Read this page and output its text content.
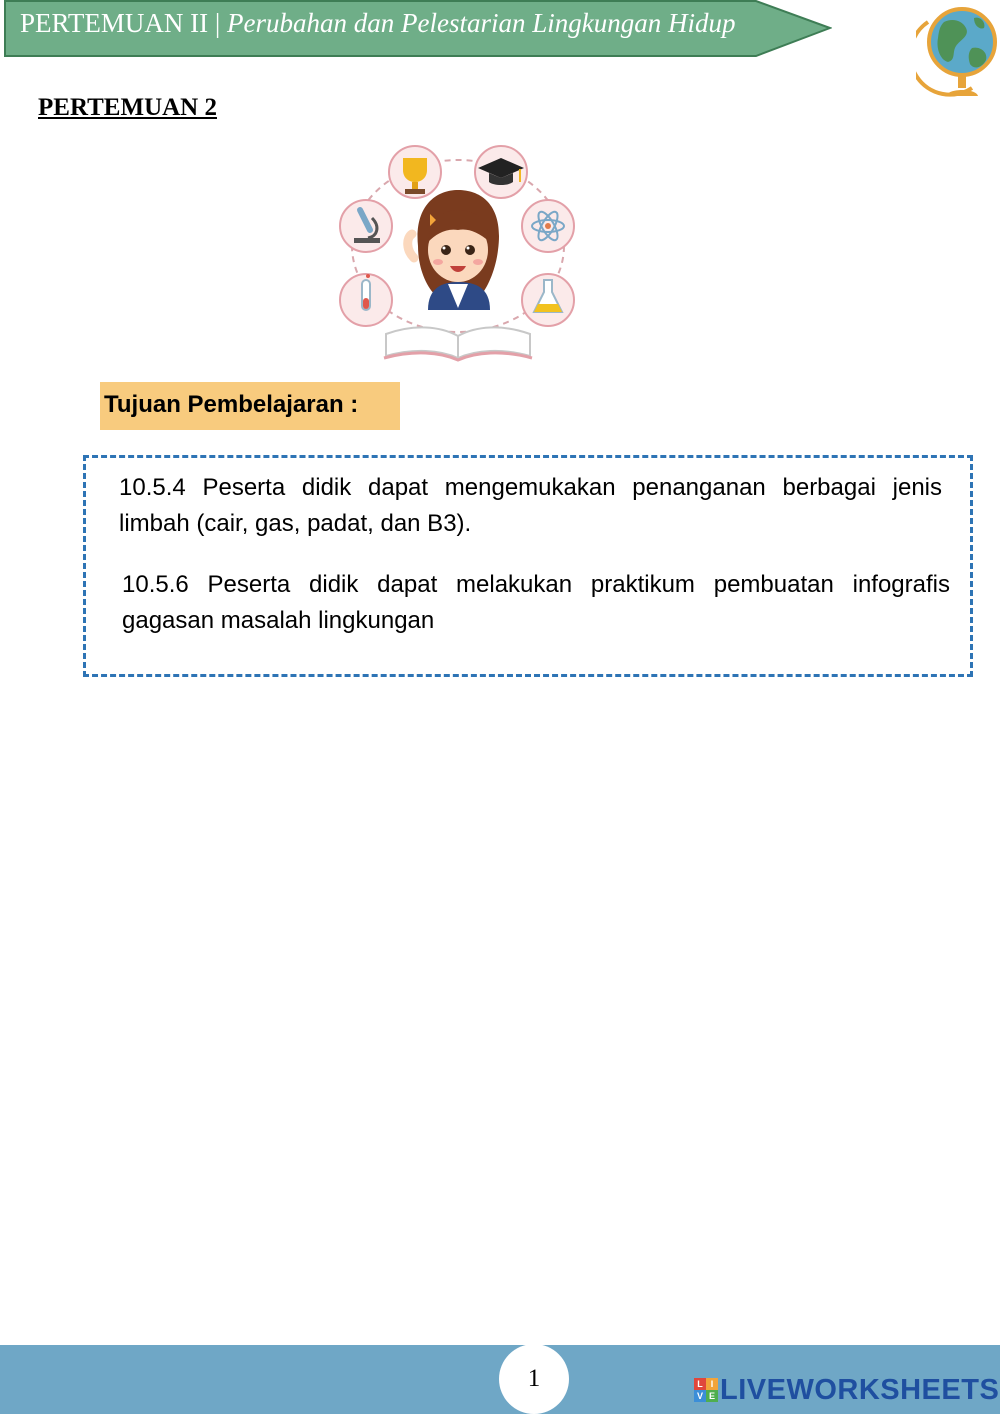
PERTEMUAN II | Perubahan dan Pelestarian Lingkungan Hidup
PERTEMUAN 2
Tujuan Pembelajaran :
10.5.4 Peserta didik dapat mengemukakan penanganan berbagai jenis limbah (cair, gas, padat, dan B3).
10.5.6 Peserta didik dapat melakukan praktikum pembuatan infografis gagasan masalah lingkungan
1	L I
V E LIVEWORKSHEETS
